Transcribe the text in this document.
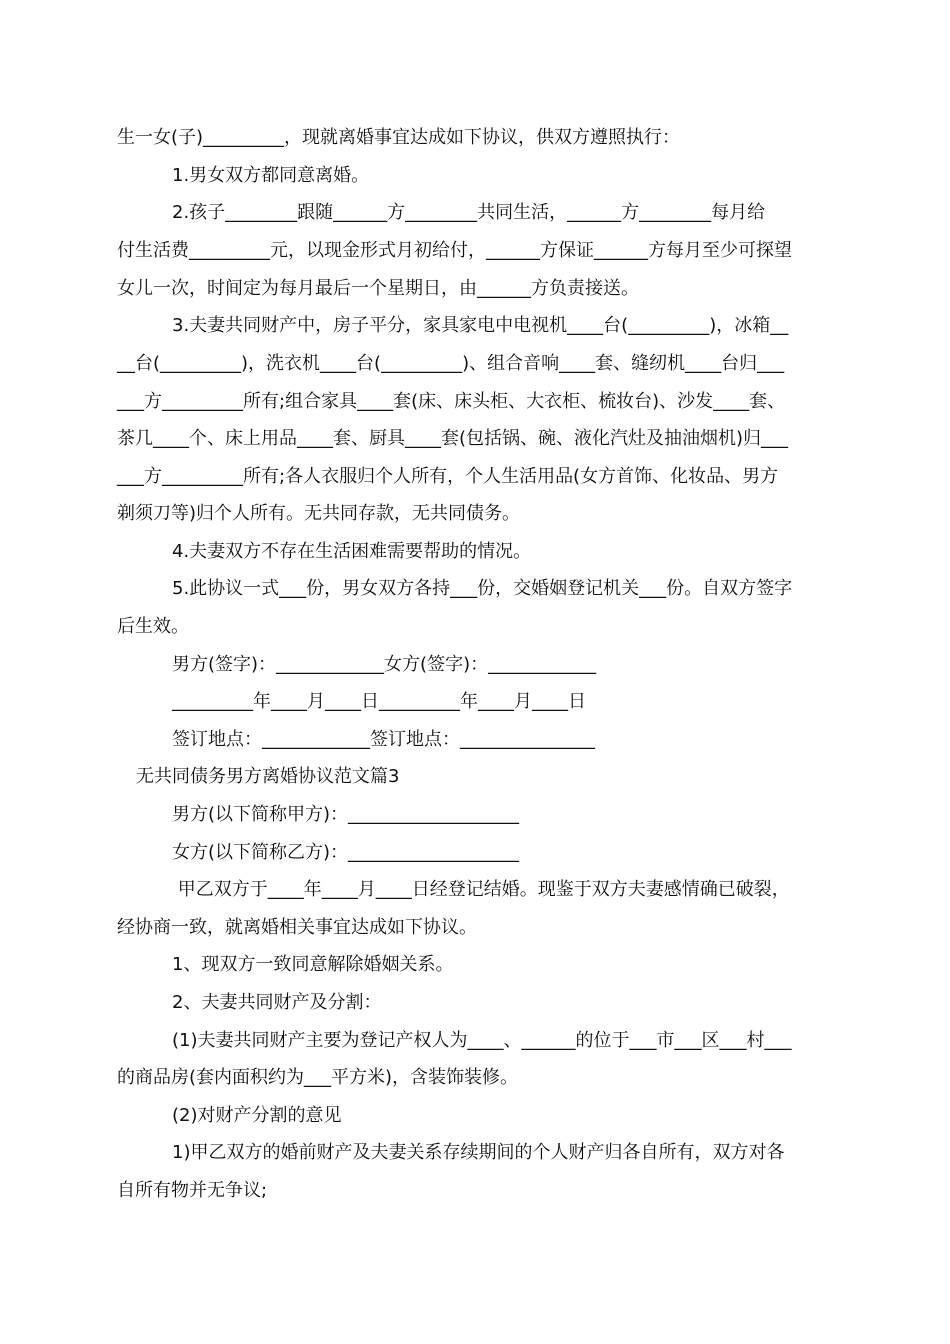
生一女(子)_________，现就离婚事宜达成如下协议，供双方遵照执行：
1.男女双方都同意离婚。
2.孩子________跟随______方________共同生活，______方________每月给
付生活费_________元，以现金形式月初给付，______方保证______方每月至少可探望
女儿一次，时间定为每月最后一个星期日，由______方负责接送。
3.夫妻共同财产中，房子平分，家具家电中电视机____台(_________)，冰箱__
__台(_________)，洗衣机____台(_________)、组合音响____套、缝纫机____台归___
___方_________所有;组合家具____套(床、床头柜、大衣柜、梳妆台)、沙发____套、
茶几____个、床上用品____套、厨具____套(包括锅、碗、液化汽灶及抽油烟机)归___
___方_________所有;各人衣服归个人所有，个人生活用品(女方首饰、化妆品、男方
剃须刀等)归个人所有。无共同存款，无共同债务。
4.夫妻双方不存在生活困难需要帮助的情况。
5.此协议一式___份，男女双方各持___份，交婚姻登记机关___份。自双方签字
后生效。
男方(签字)：____________女方(签字)：____________
_________年____月____日_________年____月____日
签订地点：____________签订地点：_______________
无共同债务男方离婚协议范文篇3
男方(以下简称甲方)：___________________
女方(以下简称乙方)：___________________
甲乙双方于____年____月____日经登记结婚。现鉴于双方夫妻感情确已破裂，
经协商一致，就离婚相关事宜达成如下协议。
1、现双方一致同意解除婚姻关系。
2、夫妻共同财产及分割：
(1)夫妻共同财产主要为登记产权人为____、______的位于___市___区___村___
的商品房(套内面积约为___平方米)，含装饰装修。
(2)对财产分割的意见
1)甲乙双方的婚前财产及夫妻关系存续期间的个人财产归各自所有，双方对各
自所有物并无争议;
